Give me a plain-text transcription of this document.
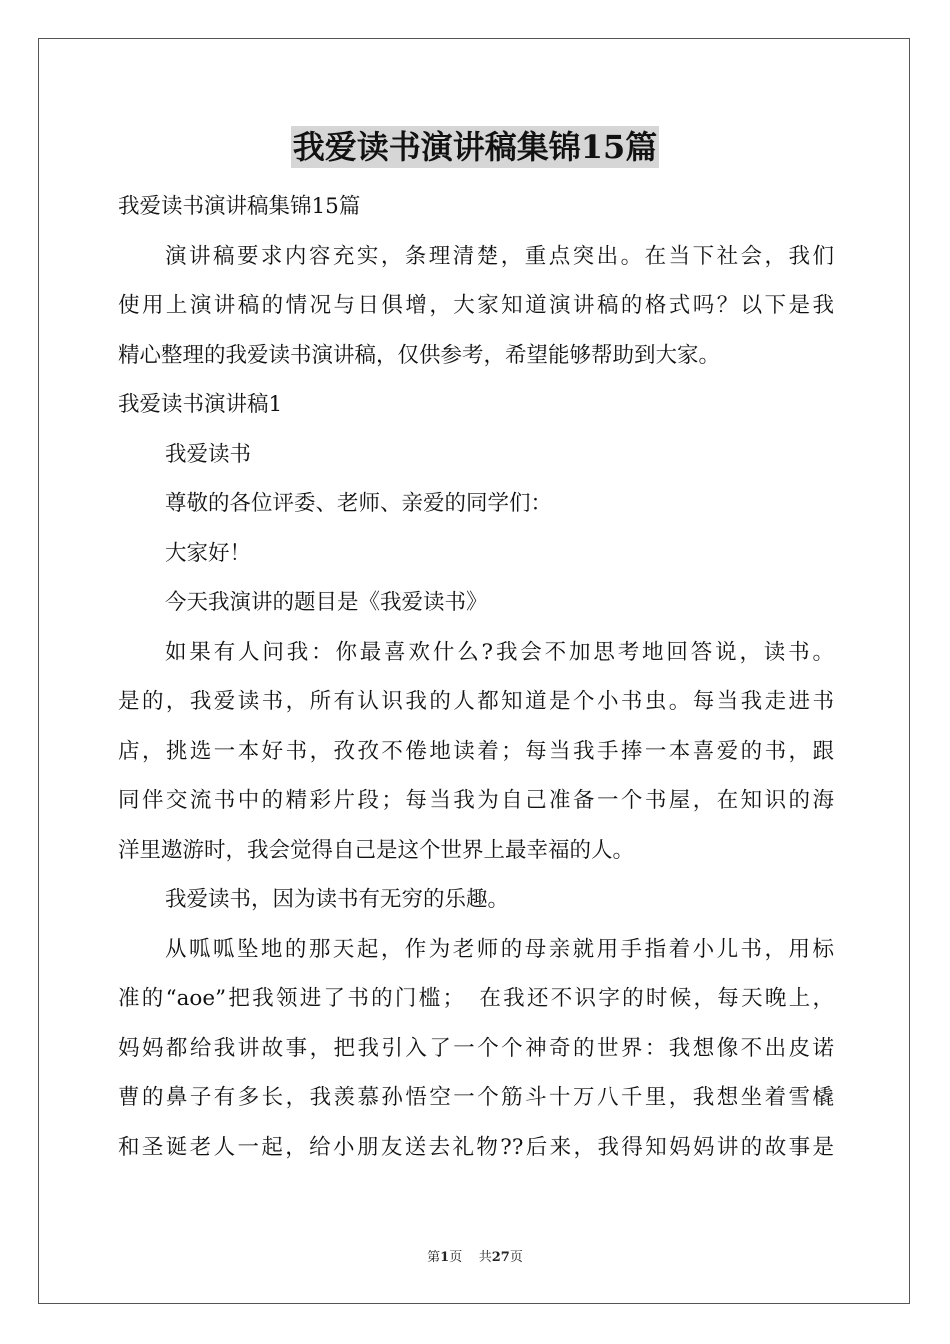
我爱读书演讲稿集锦15篇
我爱读书演讲稿集锦15篇
演讲稿要求内容充实，条理清楚，重点突出。在当下社会，我们
使用上演讲稿的情况与日俱增，大家知道演讲稿的格式吗？以下是我
精心整理的我爱读书演讲稿，仅供参考，希望能够帮助到大家。
我爱读书演讲稿1
我爱读书
尊敬的各位评委、老师、亲爱的同学们：
大家好！
今天我演讲的题目是《我爱读书》
如果有人问我：你最喜欢什么?我会不加思考地回答说，读书。
是的，我爱读书，所有认识我的人都知道是个小书虫。每当我走进书
店，挑选一本好书，孜孜不倦地读着；每当我手捧一本喜爱的书，跟
同伴交流书中的精彩片段；每当我为自己准备一个书屋，在知识的海
洋里遨游时，我会觉得自己是这个世界上最幸福的人。
我爱读书，因为读书有无穷的乐趣。
从呱呱坠地的那天起，作为老师的母亲就用手指着小儿书，用标
准的“aoe”把我领进了书的门槛；　在我还不识字的时候，每天晚上，
妈妈都给我讲故事，把我引入了一个个神奇的世界：我想像不出皮诺
曹的鼻子有多长，我羡慕孙悟空一个筋斗十万八千里，我想坐着雪橇
和圣诞老人一起，给小朋友送去礼物??后来，我得知妈妈讲的故事是
第1页 共27页
